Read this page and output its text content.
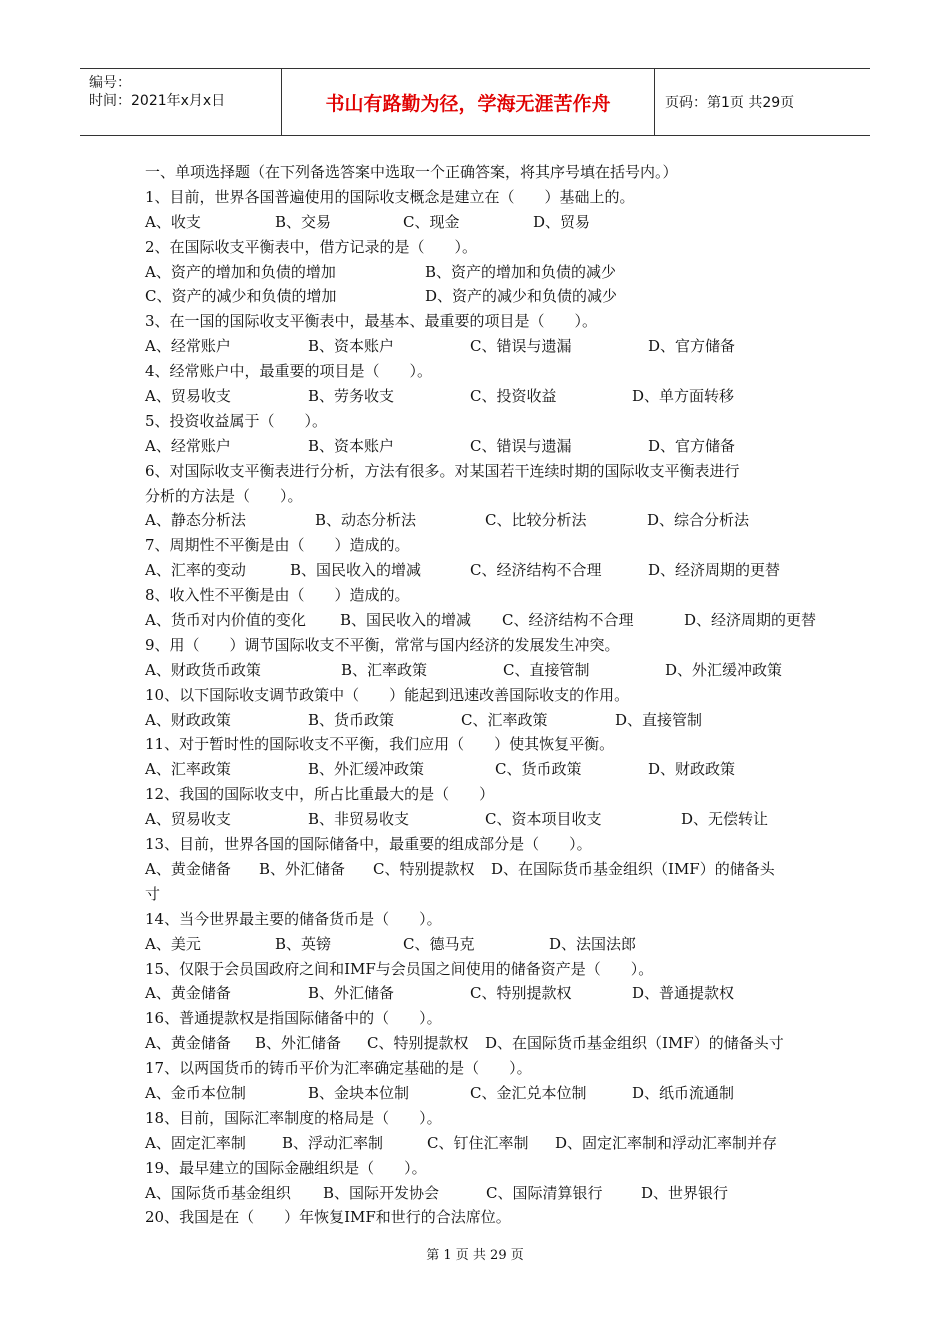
编号：
时间：2021年x月x日	书山有路勤为径，学海无涯苦作舟	页码：第1页 共29页
一、单项选择题（在下列备选答案中选取一个正确答案，将其序号填在括号内。）
1、目前，世界各国普遍使用的国际收支概念是建立在（　　）基础上的。
A、收支	B、交易	C、现金	D、贸易
2、在国际收支平衡表中，借方记录的是（　　）。
A、资产的增加和负债的增加	B、资产的增加和负债的减少
C、资产的减少和负债的增加	D、资产的减少和负债的减少
3、在一国的国际收支平衡表中，最基本、最重要的项目是（　　）。
A、经常账户	B、资本账户	C、错误与遗漏	D、官方储备
4、经常账户中，最重要的项目是（　　）。
A、贸易收支	B、劳务收支	C、投资收益	D、单方面转移
5、投资收益属于（　　）。
A、经常账户	B、资本账户	C、错误与遗漏	D、官方储备
6、对国际收支平衡表进行分析，方法有很多。对某国若干连续时期的国际收支平衡表进行
分析的方法是（　　）。
A、静态分析法	B、动态分析法	C、比较分析法	D、综合分析法
7、周期性不平衡是由（　　）造成的。
A、汇率的变动	B、国民收入的增减	C、经济结构不合理	D、经济周期的更替
8、收入性不平衡是由（　　）造成的。
A、货币对内价值的变化 B、国民收入的增减 C、经济结构不合理	D、经济周期的更替
9、用（　　）调节国际收支不平衡，常常与国内经济的发展发生冲突。
A、财政货币政策	B、汇率政策	C、直接管制	D、外汇缓冲政策
10、以下国际收支调节政策中（　　）能起到迅速改善国际收支的作用。
A、财政政策	B、货币政策	C、汇率政策	D、直接管制
11、对于暂时性的国际收支不平衡，我们应用（　　）使其恢复平衡。
A、汇率政策	B、外汇缓冲政策	C、货币政策	D、财政政策
12、我国的国际收支中，所占比重最大的是（　　）
A、贸易收支	B、非贸易收支	C、资本项目收支	D、无偿转让
13、目前，世界各国的国际储备中，最重要的组成部分是（　　）。
A、黄金储备 B、外汇储备 C、特别提款权 D、在国际货币基金组织（IMF）的储备头
寸
14、当今世界最主要的储备货币是（　　）。
A、美元	B、英镑	C、德马克	D、法国法郎
15、仅限于会员国政府之间和IMF与会员国之间使用的储备资产是（　　）。
A、黄金储备	B、外汇储备	C、特别提款权	D、普通提款权
16、普通提款权是指国际储备中的（　　）。
A、黄金储备 B、外汇储备 C、特别提款权 D、在国际货币基金组织（IMF）的储备头寸
17、以两国货币的铸币平价为汇率确定基础的是（　　）。
A、金币本位制	B、金块本位制	C、金汇兑本位制	D、纸币流通制
18、目前，国际汇率制度的格局是（　　）。
A、固定汇率制 B、浮动汇率制	C、钉住汇率制 D、固定汇率制和浮动汇率制并存
19、最早建立的国际金融组织是（　　）。
A、国际货币基金组织 B、国际开发协会	C、国际清算银行	D、世界银行
20、我国是在（　　）年恢复IMF和世行的合法席位。
第 1 页 共 29 页
